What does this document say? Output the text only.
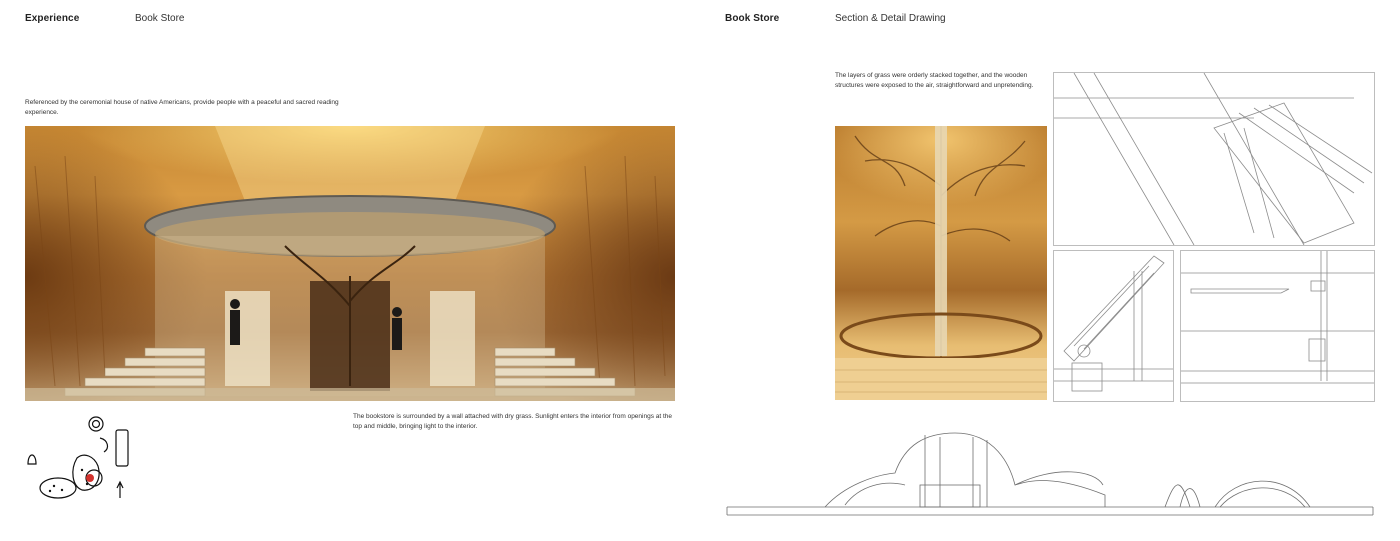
Experience	Book Store
Referenced by the ceremonial house of native Americans, provide people with a peaceful and sacred reading experience.
The bookstore is surrounded by a wall attached with dry grass. Sunlight enters the interior from openings at the top and middle, bringing light to the interior.
Book Store	Section & Detail Drawing
The layers of grass were orderly stacked together, and the wooden structures were exposed to the air, straightforward and unpretending.
